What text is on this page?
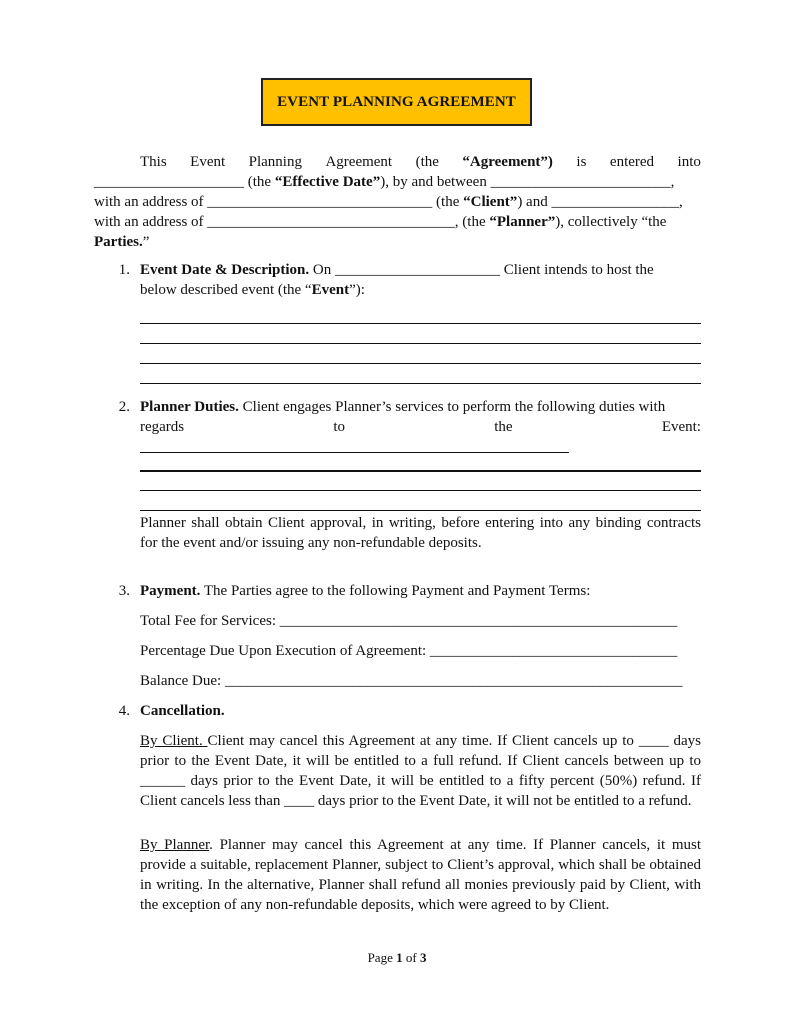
EVENT PLANNING AGREEMENT
This Event Planning Agreement (the “Agreement”) is entered into
____________________ (the “Effective Date”), by and between ________________________,
with an address of ______________________________ (the “Client”) and _________________,
with an address of _________________________________, (the “Planner”), collectively “the
Parties.”
1. Event Date & Description. On ______________________ Client intends to host the
below described event (the “Event”):
2. Planner Duties. Client engages Planner’s services to perform the following duties with
regards	to	the	Event:
Planner shall obtain Client approval, in writing, before entering into any binding contracts for the event and/or issuing any non-refundable deposits.
3. Payment. The Parties agree to the following Payment and Payment Terms:
Total Fee for Services: _____________________________________________________
Percentage Due Upon Execution of Agreement: _________________________________
Balance Due: _____________________________________________________________
4. Cancellation.
By Client. Client may cancel this Agreement at any time. If Client cancels up to ____ days prior to the Event Date, it will be entitled to a full refund. If Client cancels between up to ______ days prior to the Event Date, it will be entitled to a fifty percent (50%) refund. If Client cancels less than ____ days prior to the Event Date, it will not be entitled to a refund.
By Planner. Planner may cancel this Agreement at any time. If Planner cancels, it must provide a suitable, replacement Planner, subject to Client’s approval, which shall be obtained in writing. In the alternative, Planner shall refund all monies previously paid by Client, with the exception of any non-refundable deposits, which were agreed to by Client.
Page 1 of 3
